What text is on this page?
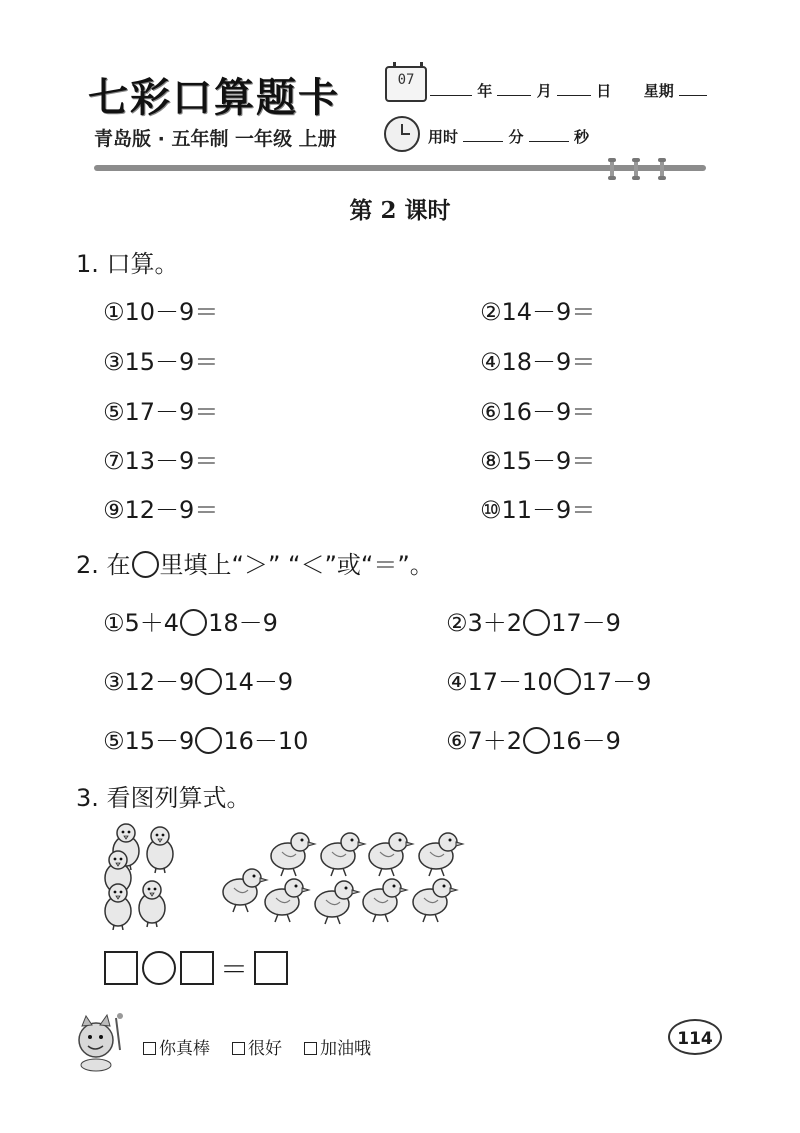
七彩口算题卡	07
年	月	日 星期
青岛版 · 五年制 一年级 上册	用时	分	秒
第 2 课时
1. 口算。
①10－9＝	②14－9＝
③15－9＝	④18－9＝
⑤17－9＝	⑥16－9＝
⑦13－9＝	⑧15－9＝
⑨12－9＝	⑩11－9＝
2. 在 里填上“＞” “＜”或“＝”。
①5＋4 18－9	②3＋2 17－9
③12－9 14－9	④17－10 17－9
⑤15－9 16－10	⑥7＋2 16－9
3. 看图列算式。
＝
你真棒	很好	加油哦	114
